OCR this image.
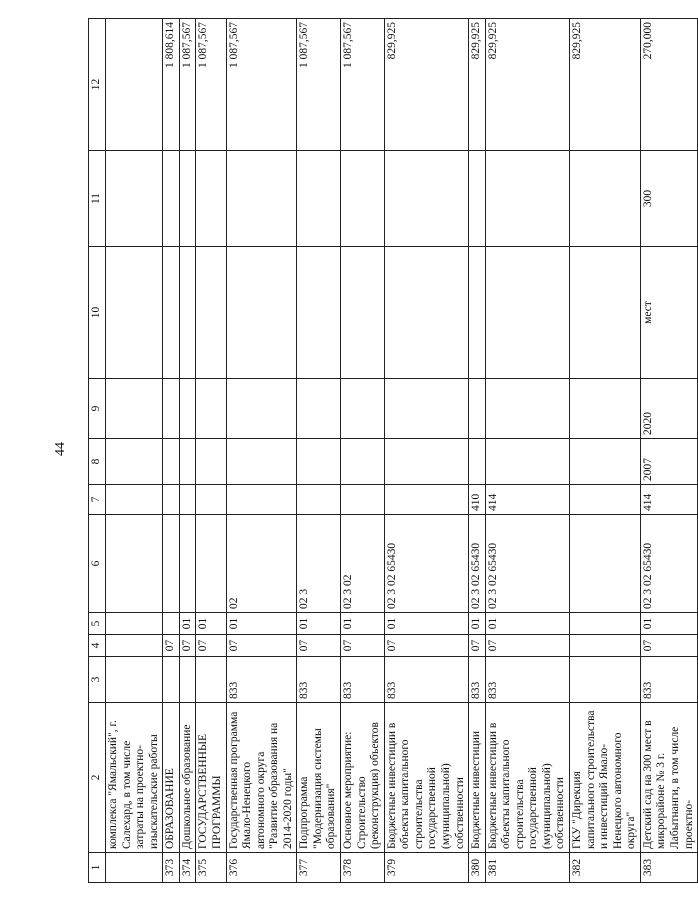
44
1	2	3	4	5	6	7	8	9	10	11	12
	комплекса "Ямальский", г. Салехард, в том числе затраты на проектно-изыскательские работы										
373	ОБРАЗОВАНИЕ		07								1 808,614
374	Дошкольное образование		07	01							1 087,567
375	ГОСУДАРСТВЕННЫЕ ПРОГРАММЫ		07	01							1 087,567
376	Государственная программа Ямало-Ненецкого автономного округа "Развитие образования на 2014-2020 годы"	833	07	01	02						1 087,567
377	Подпрограмма "Модернизация системы образования"	833	07	01	02 3						1 087,567
378	Основное мероприятие: Строительство (реконструкция) объектов	833	07	01	02 3 02						1 087,567
379	Бюджетные инвестиции в объекты капитального строительства государственной (муниципальной) собственности	833	07	01	02 3 02 65430						829,925
380	Бюджетные инвестиции	833	07	01	02 3 02 65430	410					829,925
381	Бюджетные инвестиции в объекты капитального строительства государственной (муниципальной) собственности	833	07	01	02 3 02 65430	414					829,925
382	ГКУ "Дирекция капитального строительства и инвестиций Ямало-Ненецкого автономного округа"										829,925
383	Детский сад на 300 мест в микрорайоне № 3 г. Лабытнанги, в том числе проектно-	833	07	01	02 3 02 65430	414	2007	2020	мест	300	270,000
